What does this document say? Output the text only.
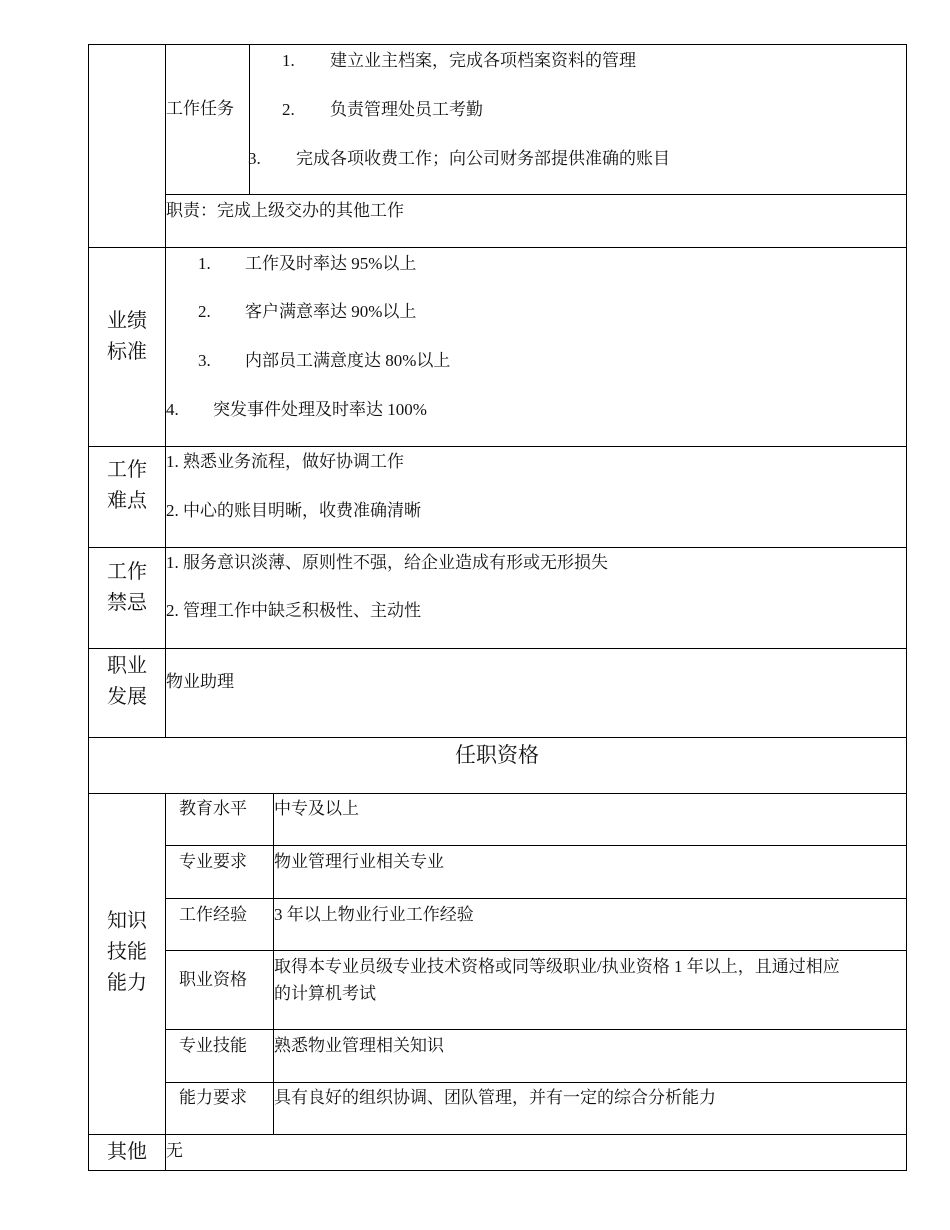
工作任务
1. 建立业主档案，完成各项档案资料的管理
2. 负责管理处员工考勤
3. 完成各项收费工作；向公司财务部提供准确的账目
职责：完成上级交办的其他工作
业绩
标准
1. 工作及时率达 95%以上
2. 客户满意率达 90%以上
3. 内部员工满意度达 80%以上
4. 突发事件处理及时率达 100%
工作
难点
1. 熟悉业务流程，做好协调工作
2. 中心的账目明晰，收费准确清晰
工作
禁忌
1. 服务意识淡薄、原则性不强，给企业造成有形或无形损失
2. 管理工作中缺乏积极性、主动性
职业
发展
物业助理
任职资格
知识
技能
能力
教育水平 中专及以上
专业要求 物业管理行业相关专业
工作经验 3 年以上物业行业工作经验
职业资格
取得本专业员级专业技术资格或同等级职业/执业资格 1 年以上，且通过相应
的计算机考试
专业技能 熟悉物业管理相关知识
能力要求 具有良好的组织协调、团队管理，并有一定的综合分析能力
其他	无
